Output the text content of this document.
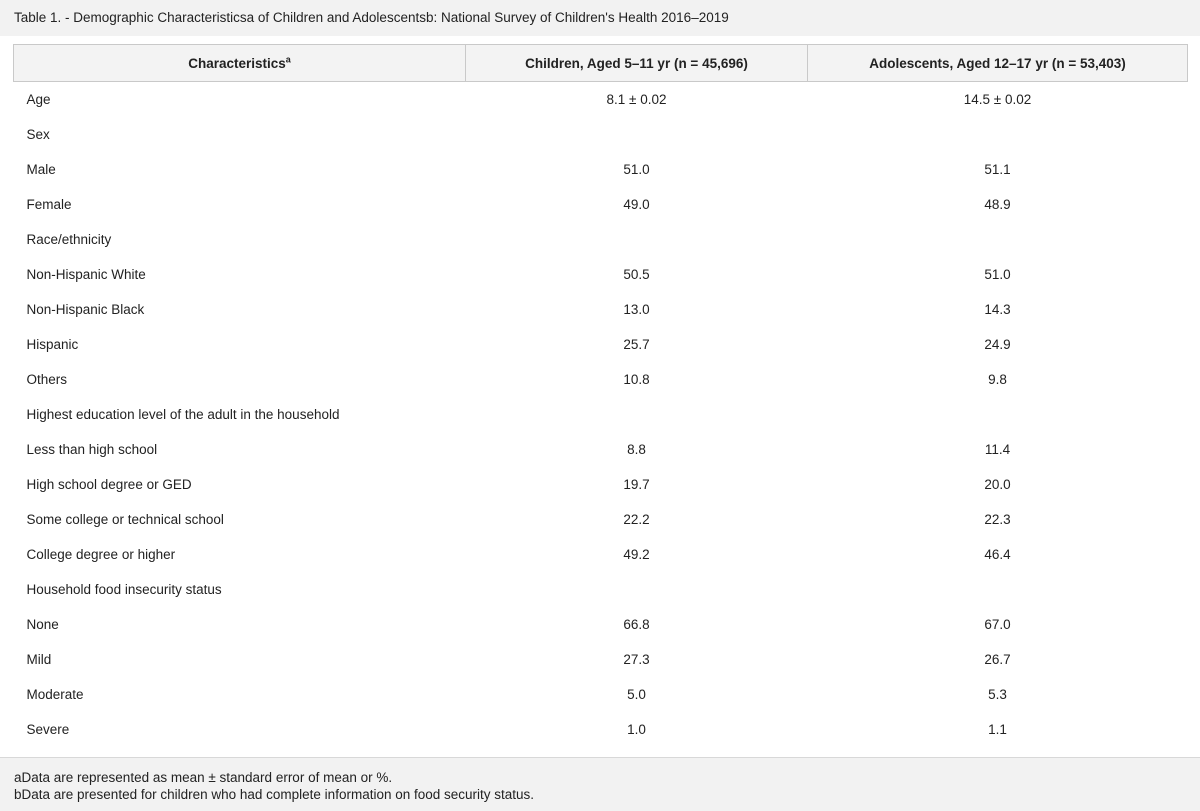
Table 1. - Demographic Characteristicsa of Children and Adolescentsb: National Survey of Children's Health 2016–2019
Characteristics$^a$	Children, Aged 5–11 yr (n = 45,696)	Adolescents, Aged 12–17 yr (n = 53,403)
Age	8.1 ± 0.02	14.5 ± 0.02
Sex		
Male	51.0	51.1
Female	49.0	48.9
Race/ethnicity		
Non-Hispanic White	50.5	51.0
Non-Hispanic Black	13.0	14.3
Hispanic	25.7	24.9
Others	10.8	9.8
Highest education level of the adult in the household		
Less than high school	8.8	11.4
High school degree or GED	19.7	20.0
Some college or technical school	22.2	22.3
College degree or higher	49.2	46.4
Household food insecurity status		
None	66.8	67.0
Mild	27.3	26.7
Moderate	5.0	5.3
Severe	1.0	1.1
aData are represented as mean ± standard error of mean or %.
bData are presented for children who had complete information on food security status.
